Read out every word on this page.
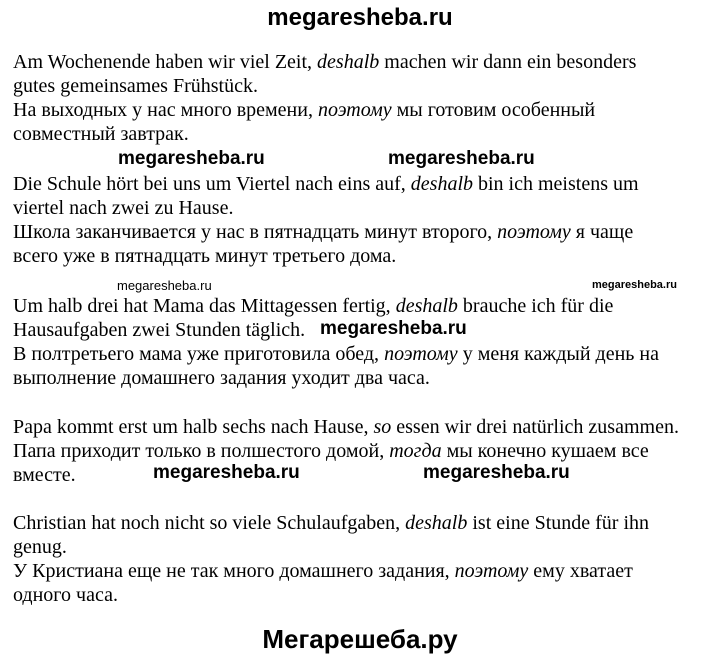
megaresheba.ru
Am Wochenende haben wir viel Zeit, deshalb machen wir dann ein besonders
gutes gemeinsames Frühstück.
На выходных у нас много времени, поэтому мы готовим особенный
совместный завтрак.
Die Schule hört bei uns um Viertel nach eins auf, deshalb bin ich meistens um
viertel nach zwei zu Hause.
Школа заканчивается у нас в пятнадцать минут второго, поэтому я чаще
всего уже в пятнадцать минут третьего дома.
Um halb drei hat Mama das Mittagessen fertig, deshalb brauche ich für die
Hausaufgaben zwei Stunden täglich.
В полтретьего мама уже приготовила обед, поэтому у меня каждый день на
выполнение домашнего задания уходит два часа.
Papa kommt erst um halb sechs nach Hause, so essen wir drei natürlich zusammen.
Папа приходит только в полшестого домой, тогда мы конечно кушаем все
вместе.
Christian hat noch nicht so viele Schulaufgaben, deshalb ist eine Stunde für ihn
genug.
У Кристиана еще не так много домашнего задания, поэтому ему хватает
одного часа.
megaresheba.ru	megaresheba.ru
megaresheba.ru	megaresheba.ru
megaresheba.ru
megaresheba.ru	megaresheba.ru
Мегарешеба.ру
